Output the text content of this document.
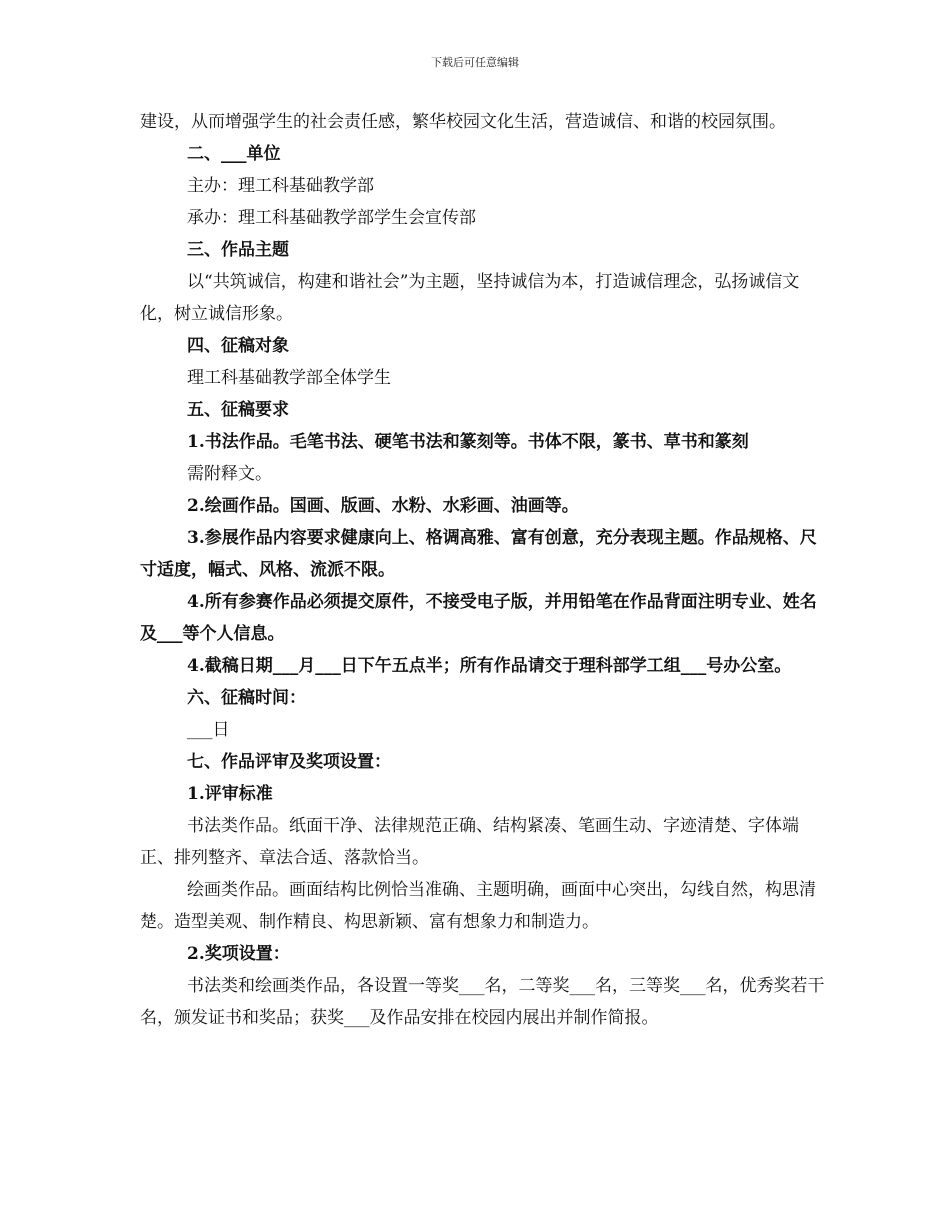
下载后可任意编辑

建设，从而增强学生的社会责任感，繁华校园文化生活，营造诚信、和谐的校园氛围。

二、___单位

主办：理工科基础教学部

承办：理工科基础教学部学生会宣传部

三、作品主题

以“共筑诚信，构建和谐社会”为主题，坚持诚信为本，打造诚信理念，弘扬诚信文化，树立诚信形象。

四、征稿对象

理工科基础教学部全体学生

五、征稿要求

1.书法作品。毛笔书法、硬笔书法和篆刻等。书体不限，篆书、草书和篆刻

需附释文。

2.绘画作品。国画、版画、水粉、水彩画、油画等。

3.参展作品内容要求健康向上、格调高雅、富有创意，充分表现主题。作品规格、尺寸适度，幅式、风格、流派不限。

4.所有参赛作品必须提交原件，不接受电子版，并用铅笔在作品背面注明专业、姓名及___等个人信息。

4.截稿日期___月___日下午五点半；所有作品请交于理科部学工组___号办公室。

六、征稿时间：

___日

七、作品评审及奖项设置：

1.评审标准

书法类作品。纸面干净、法律规范正确、结构紧凑、笔画生动、字迹清楚、字体端正、排列整齐、章法合适、落款恰当。

绘画类作品。画面结构比例恰当准确、主题明确，画面中心突出，勾线自然，构思清楚。造型美观、制作精良、构思新颖、富有想象力和制造力。

2.奖项设置：

书法类和绘画类作品，各设置一等奖___名，二等奖___名，三等奖___名，优秀奖若干名，颁发证书和奖品；获奖___及作品安排在校园内展出并制作简报。
